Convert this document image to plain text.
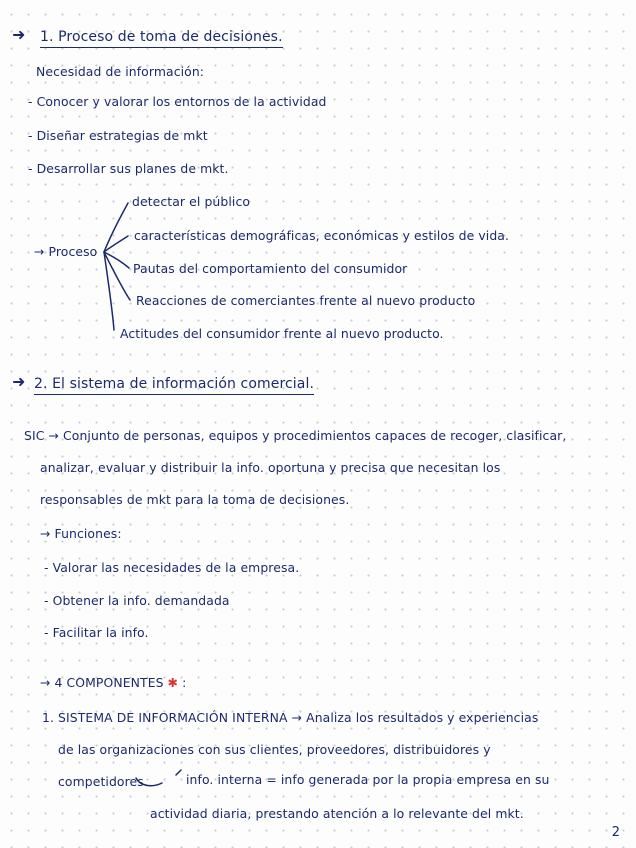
➜ 1. Proceso de toma de decisiones.
Necesidad de información:
- Conocer y valorar los entornos de la actividad
- Diseñar estrategias de mkt
- Desarrollar sus planes de mkt.
→ Proceso
detectar el público
características demográficas, económicas y estilos de vida.
Pautas del comportamiento del consumidor
Reacciones de comerciantes frente al nuevo producto
Actitudes del consumidor frente al nuevo producto.
➜ 2. El sistema de información comercial.
SIC → Conjunto de personas, equipos y procedimientos capaces de recoger, clasificar,
analizar, evaluar y distribuir la info. oportuna y precisa que necesitan los
responsables de mkt para la toma de decisiones.
→ Funciones:
- Valorar las necesidades de la empresa.
- Obtener la info. demandada
- Facilitar la info.
→ 4 COMPONENTES ✱ :
1. SISTEMA DE INFORMACIÓN INTERNA → Analiza los resultados y experiencias
de las organizaciones con sus clientes, proveedores, distribuidores y
competidores.	info. interna = info generada por la propia empresa en su
actividad diaria, prestando atención a lo relevante del mkt.
2
